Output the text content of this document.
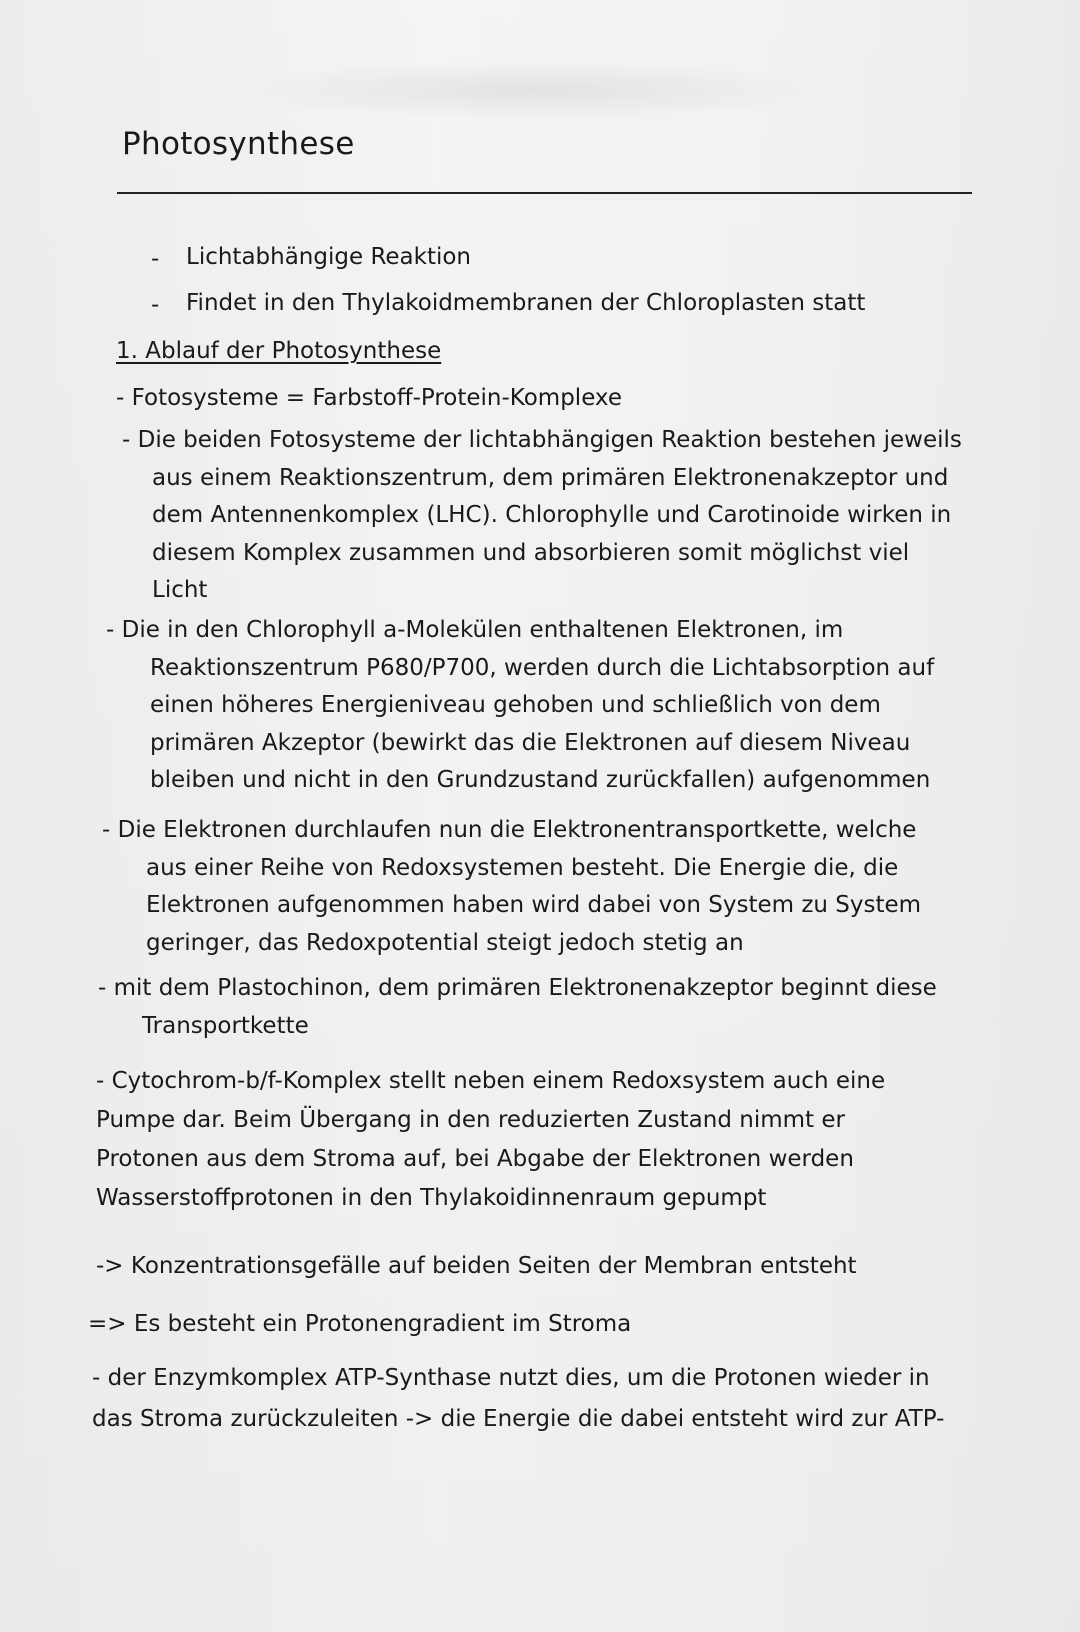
Photosynthese
- Lichtabhängige Reaktion
- Findet in den Thylakoidmembranen der Chloroplasten statt
1. Ablauf der Photosynthese
- Fotosysteme = Farbstoff-Protein-Komplexe
- Die beiden Fotosysteme der lichtabhängigen Reaktion bestehen jeweils
aus einem Reaktionszentrum, dem primären Elektronenakzeptor und
dem Antennenkomplex (LHC). Chlorophylle und Carotinoide wirken in
diesem Komplex zusammen und absorbieren somit möglichst viel
Licht
- Die in den Chlorophyll a-Molekülen enthaltenen Elektronen, im
Reaktionszentrum P680/P700, werden durch die Lichtabsorption auf
einen höheres Energieniveau gehoben und schließlich von dem
primären Akzeptor (bewirkt das die Elektronen auf diesem Niveau
bleiben und nicht in den Grundzustand zurückfallen) aufgenommen
- Die Elektronen durchlaufen nun die Elektronentransportkette, welche
aus einer Reihe von Redoxsystemen besteht. Die Energie die, die
Elektronen aufgenommen haben wird dabei von System zu System
geringer, das Redoxpotential steigt jedoch stetig an
- mit dem Plastochinon, dem primären Elektronenakzeptor beginnt diese
Transportkette
- Cytochrom-b/f-Komplex stellt neben einem Redoxsystem auch eine
Pumpe dar. Beim Übergang in den reduzierten Zustand nimmt er
Protonen aus dem Stroma auf, bei Abgabe der Elektronen werden
Wasserstoffprotonen in den Thylakoidinnenraum gepumpt
-> Konzentrationsgefälle auf beiden Seiten der Membran entsteht
=> Es besteht ein Protonengradient im Stroma
- der Enzymkomplex ATP-Synthase nutzt dies, um die Protonen wieder in
das Stroma zurückzuleiten -> die Energie die dabei entsteht wird zur ATP-
